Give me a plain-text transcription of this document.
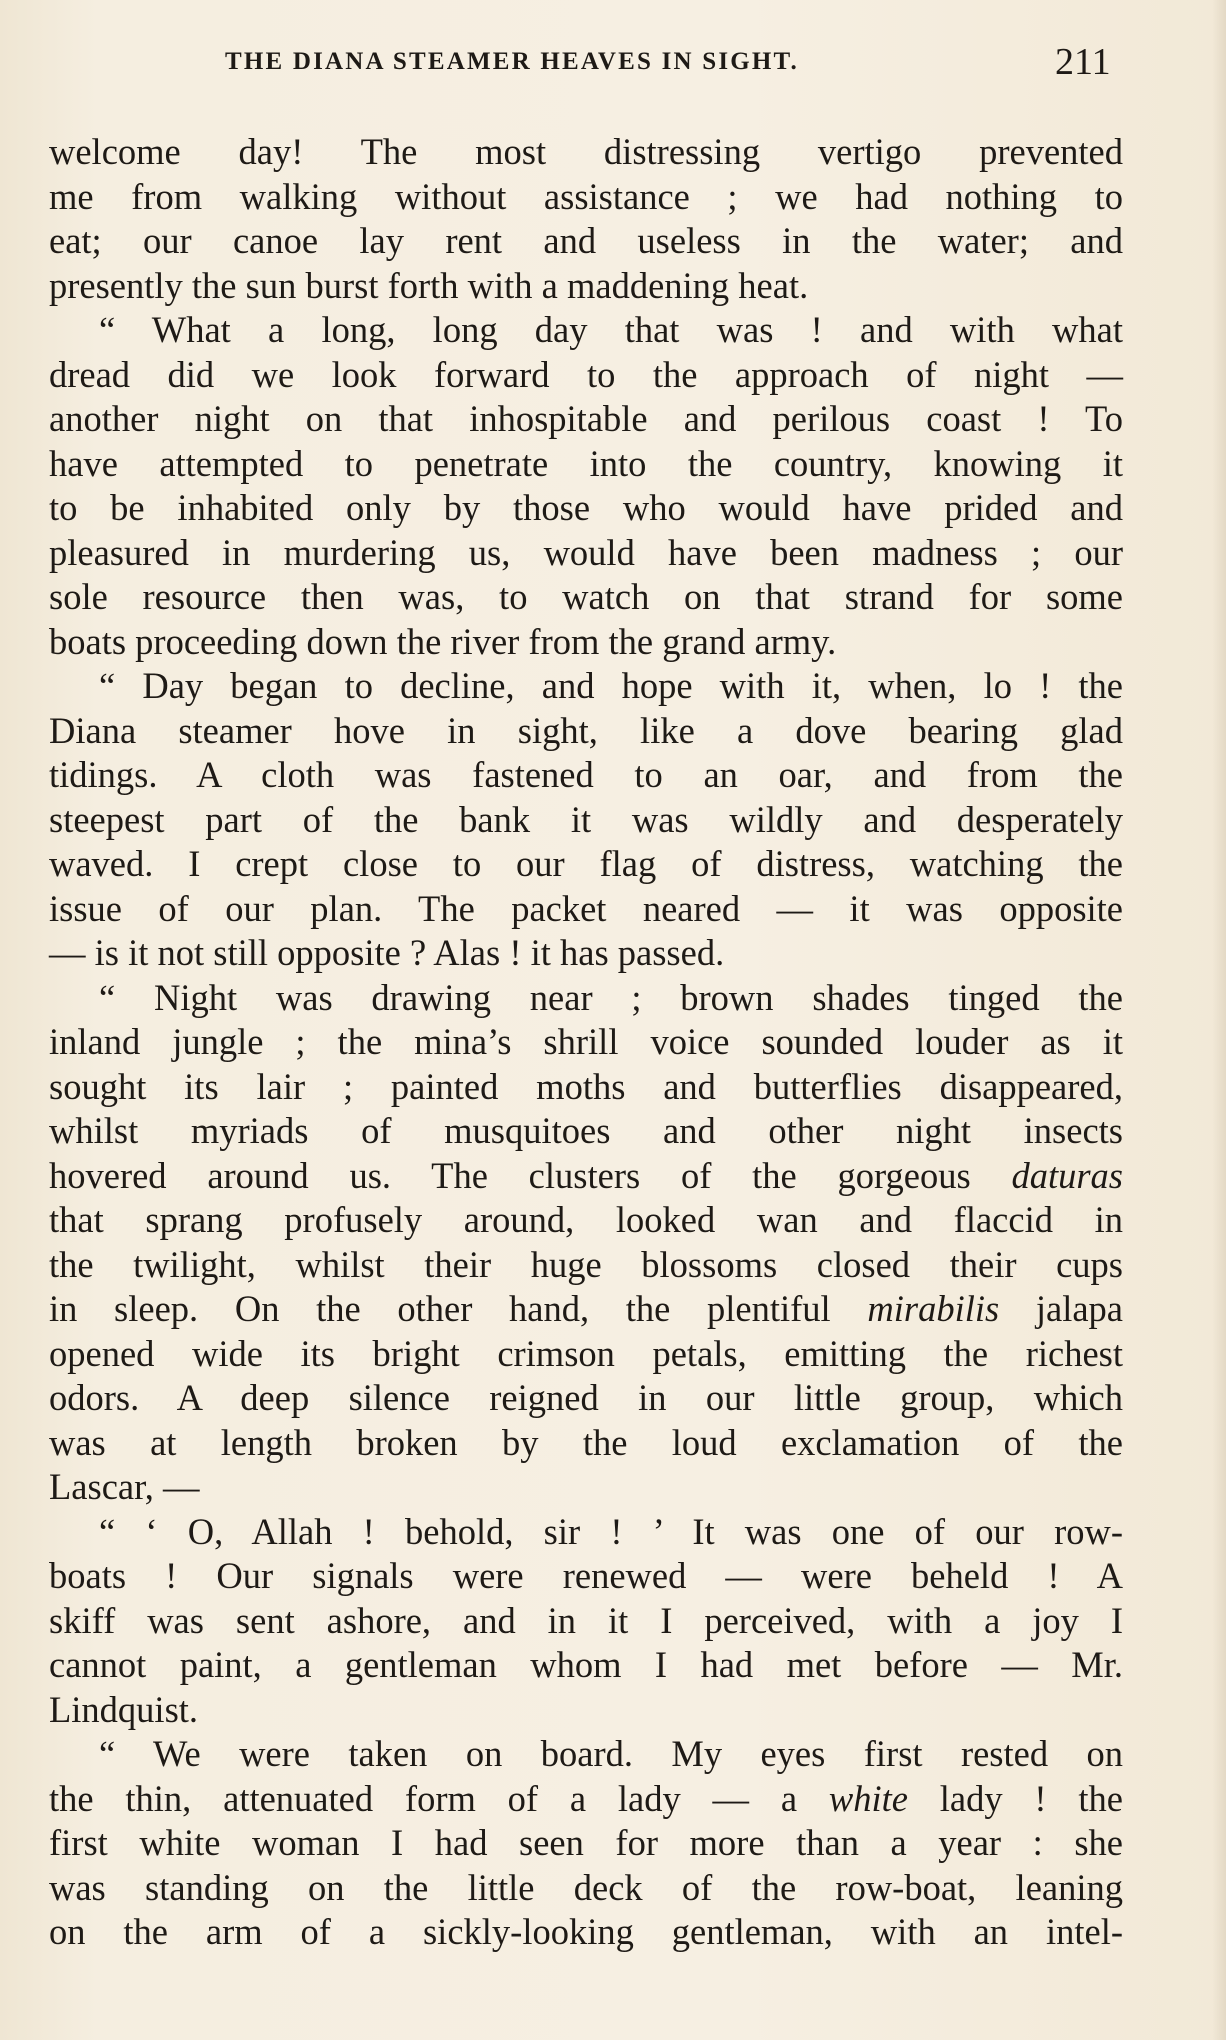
THE DIANA STEAMER HEAVES IN SIGHT.	211
welcome day! The most distressing vertigo prevented
me from walking without assistance ; we had nothing to
eat; our canoe lay rent and useless in the water; and
presently the sun burst forth with a maddening heat.
“ What a long, long day that was ! and with what
dread did we look forward to the approach of night —
another night on that inhospitable and perilous coast ! To
have attempted to penetrate into the country, knowing it
to be inhabited only by those who would have prided and
pleasured in murdering us, would have been madness ; our
sole resource then was, to watch on that strand for some
boats proceeding down the river from the grand army.
“ Day began to decline, and hope with it, when, lo ! the
Diana steamer hove in sight, like a dove bearing glad
tidings. A cloth was fastened to an oar, and from the
steepest part of the bank it was wildly and desperately
waved. I crept close to our flag of distress, watching the
issue of our plan. The packet neared — it was opposite
— is it not still opposite ? Alas ! it has passed.
“ Night was drawing near ; brown shades tinged the
inland jungle ; the mina’s shrill voice sounded louder as it
sought its lair ; painted moths and butterflies disappeared,
whilst myriads of musquitoes and other night insects
hovered around us. The clusters of the gorgeous daturas
that sprang profusely around, looked wan and flaccid in
the twilight, whilst their huge blossoms closed their cups
in sleep. On the other hand, the plentiful mirabilis jalapa
opened wide its bright crimson petals, emitting the richest
odors. A deep silence reigned in our little group, which
was at length broken by the loud exclamation of the
Lascar, —
“ ‘ O, Allah ! behold, sir ! ’ It was one of our row-
boats ! Our signals were renewed — were beheld ! A
skiff was sent ashore, and in it I perceived, with a joy I
cannot paint, a gentleman whom I had met before — Mr.
Lindquist.
“ We were taken on board. My eyes first rested on
the thin, attenuated form of a lady — a white lady ! the
first white woman I had seen for more than a year : she
was standing on the little deck of the row-boat, leaning
on the arm of a sickly-looking gentleman, with an intel-
